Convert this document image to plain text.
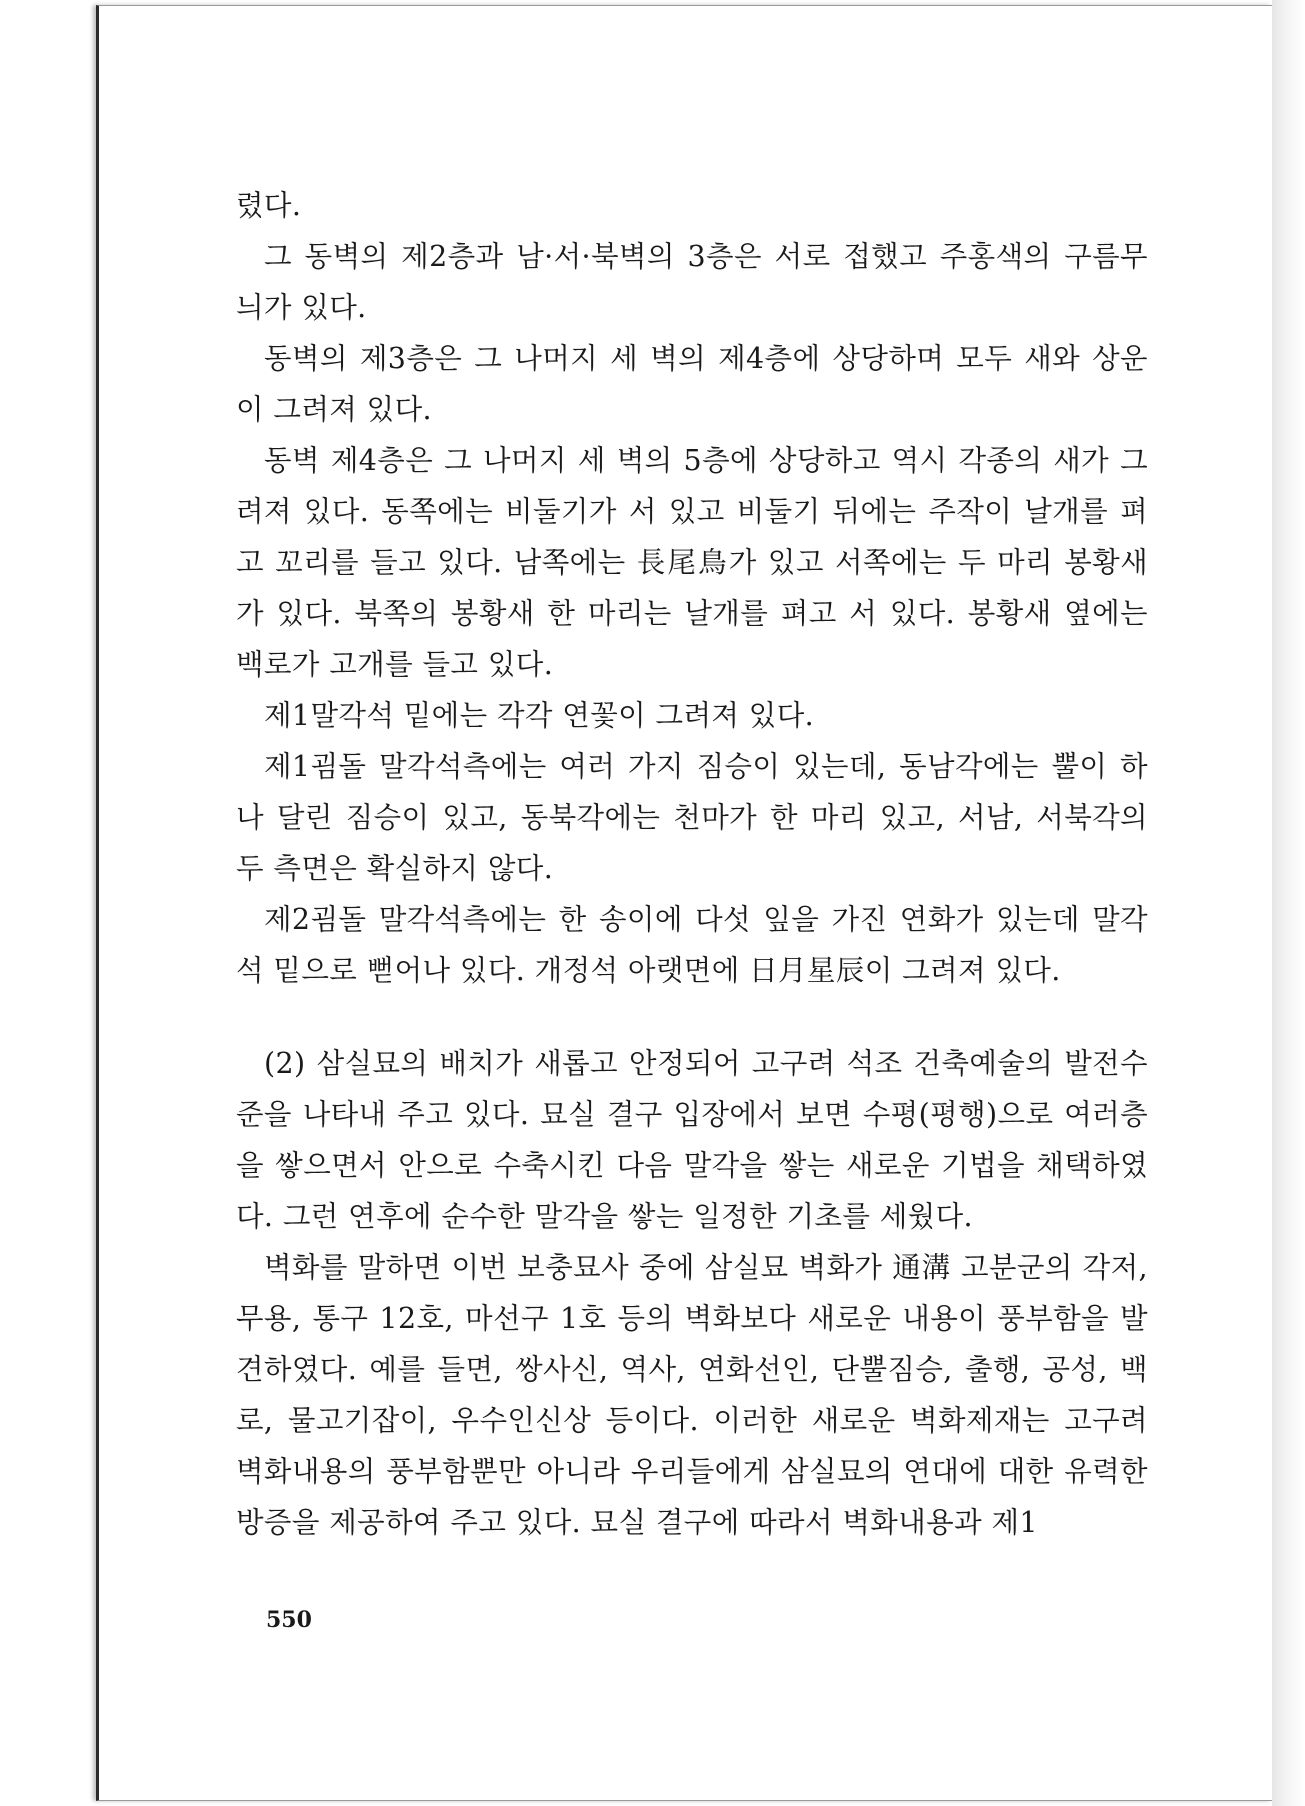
렸다.

그 동벽의 제2층과 남·서·북벽의 3층은 서로 접했고 주홍색의 구름무늬가 있다.

동벽의 제3층은 그 나머지 세 벽의 제4층에 상당하며 모두 새와 상운이 그려져 있다.

동벽 제4층은 그 나머지 세 벽의 5층에 상당하고 역시 각종의 새가 그려져 있다. 동쪽에는 비둘기가 서 있고 비둘기 뒤에는 주작이 날개를 펴고 꼬리를 들고 있다. 남쪽에는 長尾鳥가 있고 서쪽에는 두 마리 봉황새가 있다. 북쪽의 봉황새 한 마리는 날개를 펴고 서 있다. 봉황새 옆에는 백로가 고개를 들고 있다.

제1말각석 밑에는 각각 연꽃이 그려져 있다.

제1굄돌 말각석측에는 여러 가지 짐승이 있는데, 동남각에는 뿔이 하나 달린 짐승이 있고, 동북각에는 천마가 한 마리 있고, 서남, 서북각의 두 측면은 확실하지 않다.

제2굄돌 말각석측에는 한 송이에 다섯 잎을 가진 연화가 있는데 말각석 밑으로 뻗어나 있다. 개정석 아랫면에 日月星辰이 그려져 있다.

(2) 삼실묘의 배치가 새롭고 안정되어 고구려 석조 건축예술의 발전수준을 나타내 주고 있다. 묘실 결구 입장에서 보면 수평(평행)으로 여러층을 쌓으면서 안으로 수축시킨 다음 말각을 쌓는 새로운 기법을 채택하였다. 그런 연후에 순수한 말각을 쌓는 일정한 기초를 세웠다.

벽화를 말하면 이번 보충묘사 중에 삼실묘 벽화가 通溝 고분군의 각저, 무용, 통구 12호, 마선구 1호 등의 벽화보다 새로운 내용이 풍부함을 발견하였다. 예를 들면, 쌍사신, 역사, 연화선인, 단뿔짐승, 출행, 공성, 백로, 물고기잡이, 우수인신상 등이다. 이러한 새로운 벽화제재는 고구려 벽화내용의 풍부함뿐만 아니라 우리들에게 삼실묘의 연대에 대한 유력한 방증을 제공하여 주고 있다. 묘실 결구에 따라서 벽화내용과 제1

550
